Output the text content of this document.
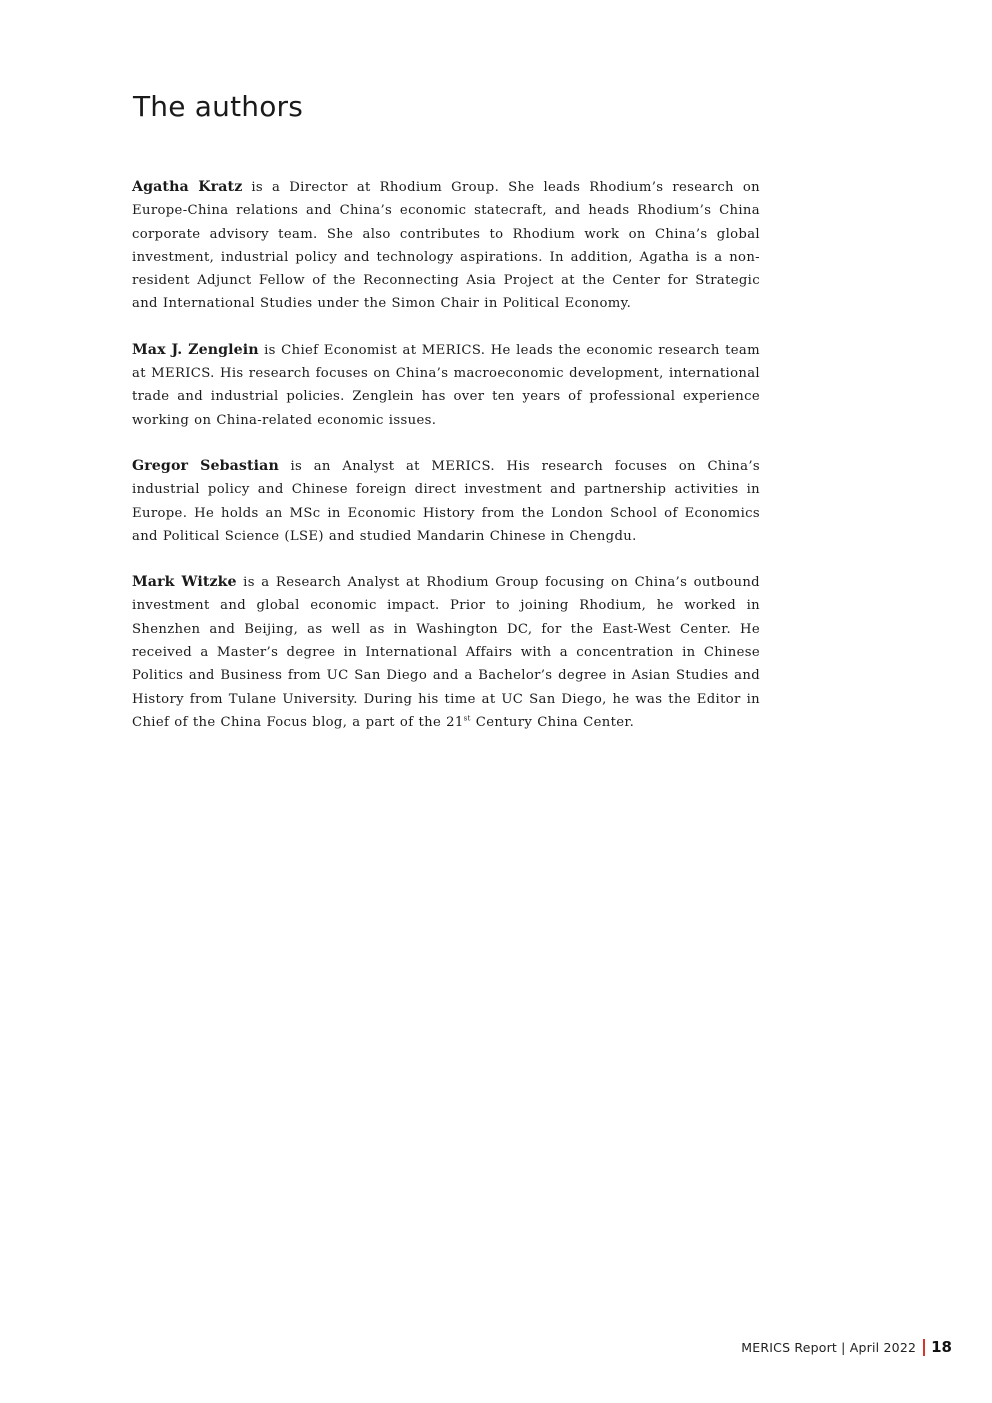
The authors

Agatha Kratz is a Director at Rhodium Group. She leads Rhodium’s research on Europe-China relations and China’s economic statecraft, and heads Rhodium’s China corporate advisory team. She also contributes to Rhodium work on China’s global investment, industrial policy and technology aspirations. In addition, Agatha is a non-resident Adjunct Fellow of the Reconnecting Asia Project at the Center for Strategic and International Studies under the Simon Chair in Political Economy.

Max J. Zenglein is Chief Economist at MERICS. He leads the economic research team at MERICS. His research focuses on China’s macroeconomic development, international trade and industrial policies. Zenglein has over ten years of professional experience working on China-related economic issues.

Gregor Sebastian is an Analyst at MERICS. His research focuses on China’s industrial policy and Chinese foreign direct investment and partnership activities in Europe. He holds an MSc in Economic History from the London School of Economics and Political Science (LSE) and studied Mandarin Chinese in Chengdu.

Mark Witzke is a Research Analyst at Rhodium Group focusing on China’s outbound investment and global economic impact. Prior to joining Rhodium, he worked in Shenzhen and Beijing, as well as in Washington DC, for the East-West Center. He received a Master’s degree in International Affairs with a concentration in Chinese Politics and Business from UC San Diego and a Bachelor’s degree in Asian Studies and History from Tulane University. During his time at UC San Diego, he was the Editor in Chief of the China Focus blog, a part of the 21st Century China Center.

MERICS Report | April 2022 18
